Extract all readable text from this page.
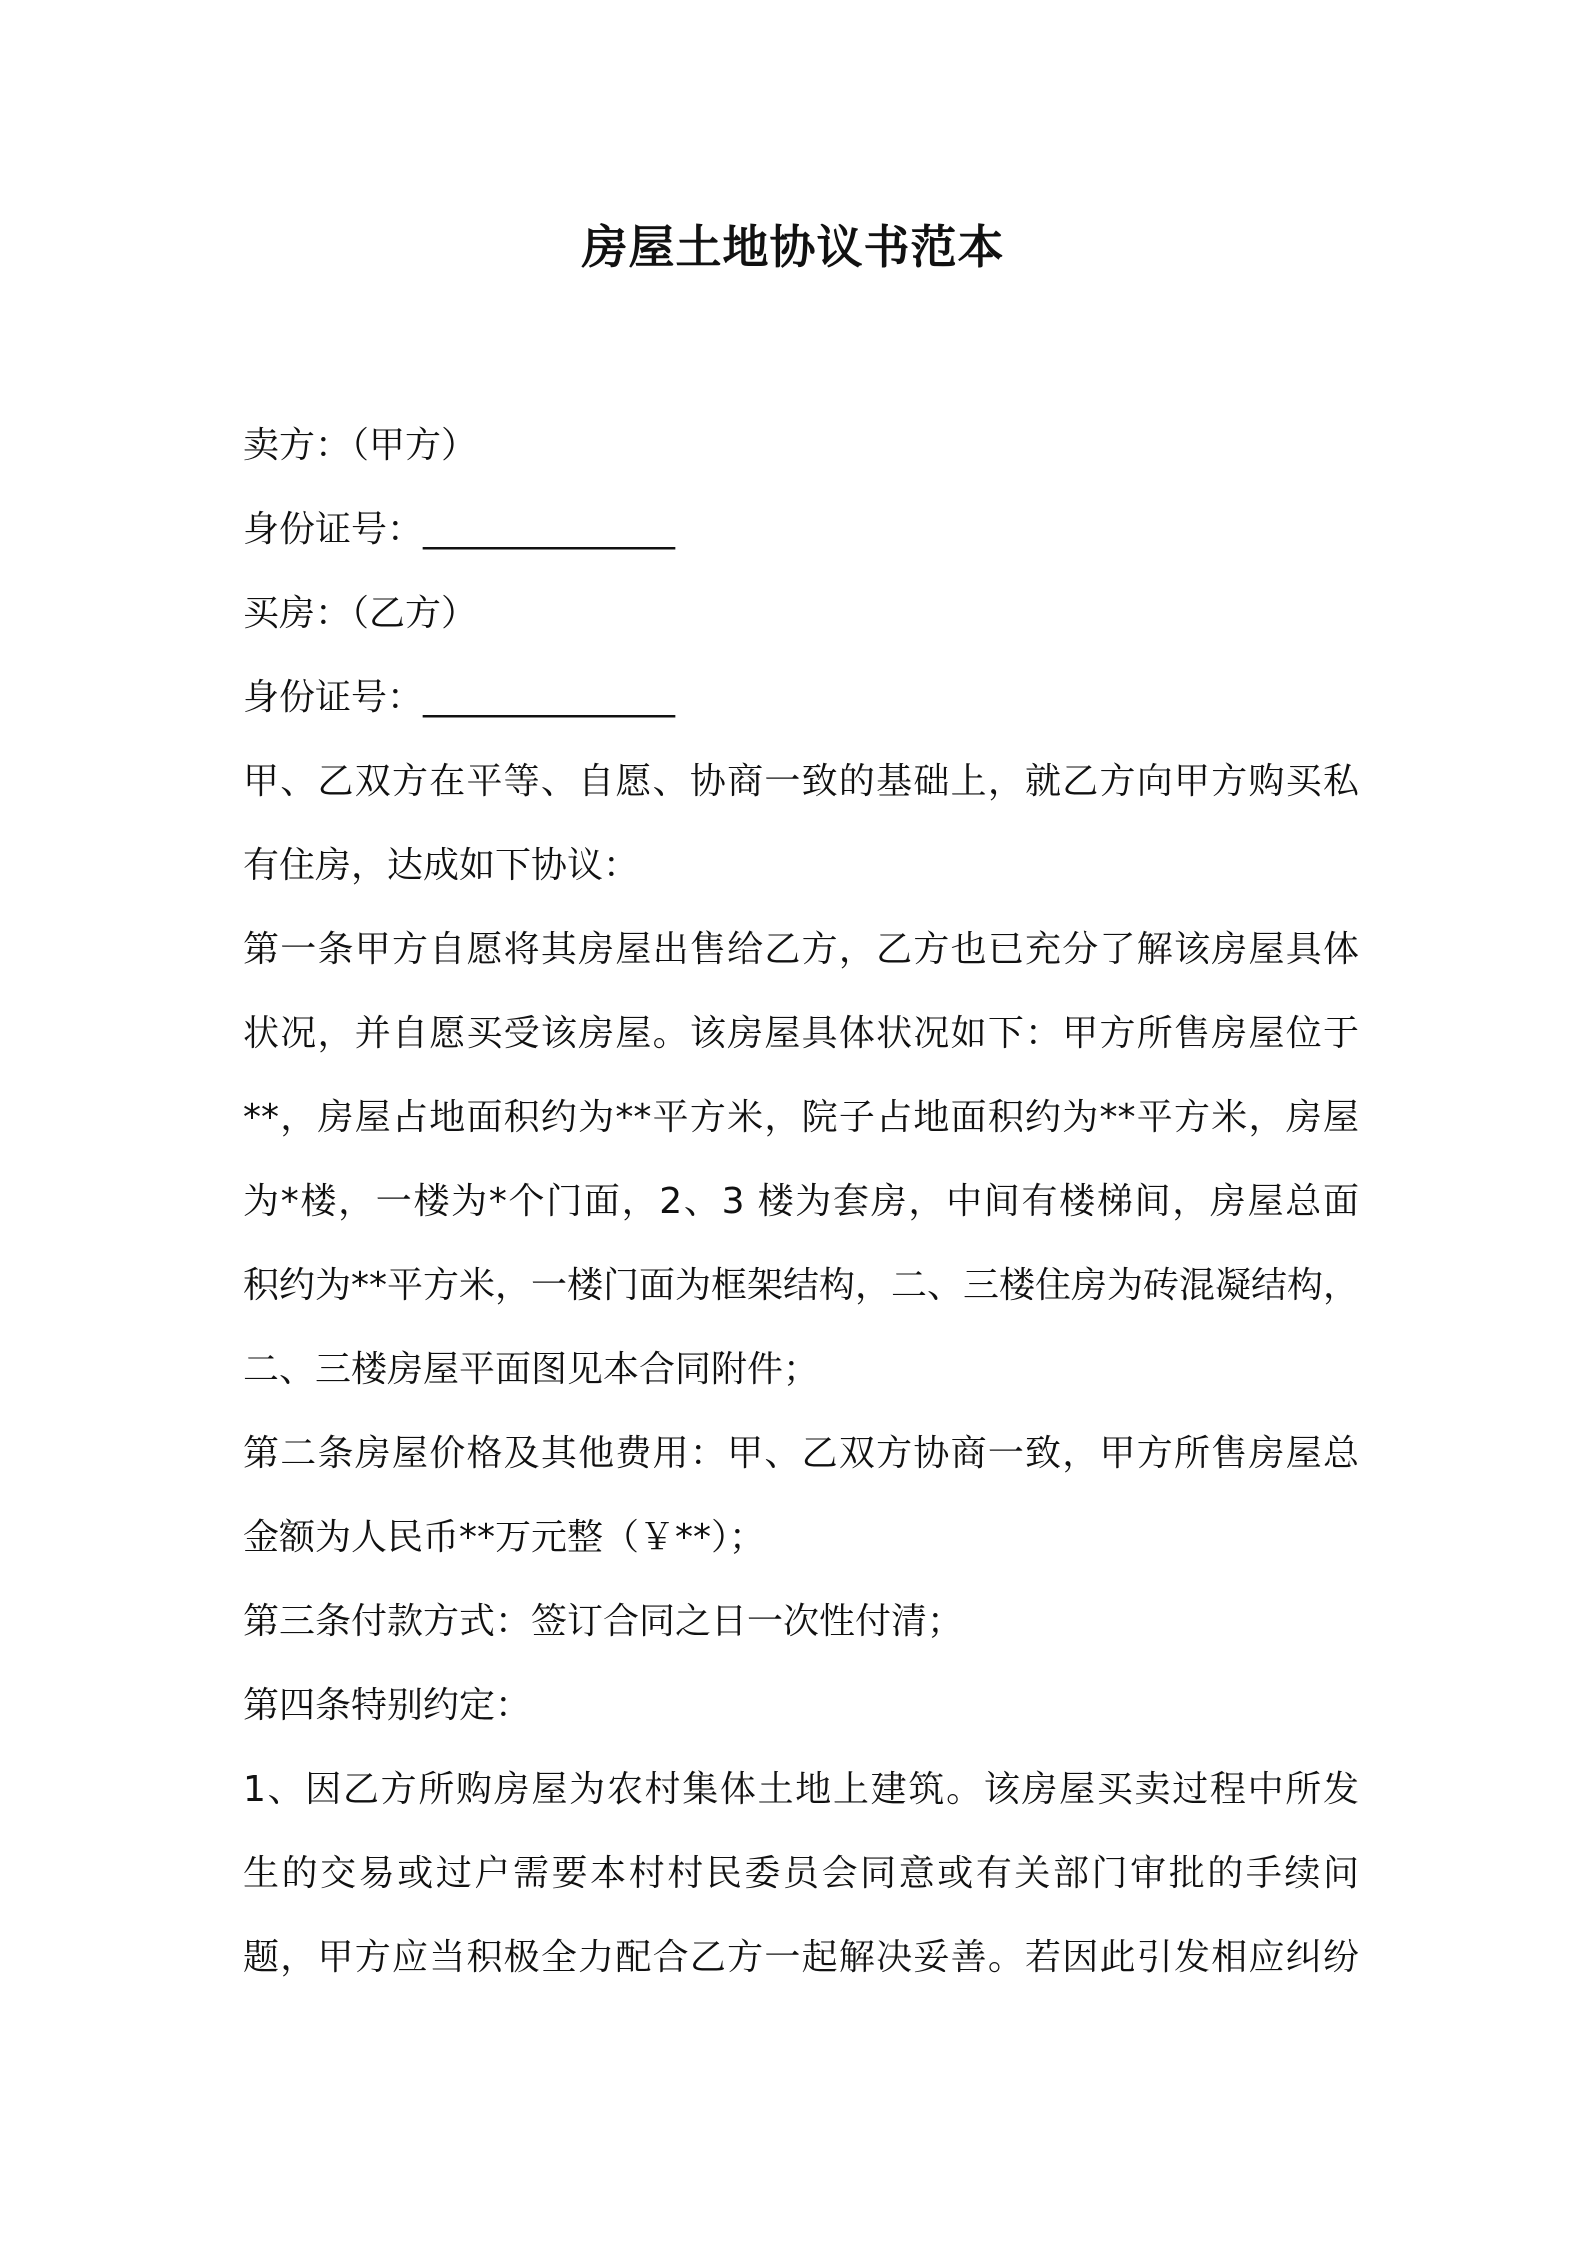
房屋土地协议书范本
卖方：（甲方）
身份证号：______________
买房：（乙方）
身份证号：______________
甲、乙双方在平等、自愿、协商一致的基础上，就乙方向甲方购买私
有住房，达成如下协议：
第一条甲方自愿将其房屋出售给乙方，乙方也已充分了解该房屋具体
状况，并自愿买受该房屋。该房屋具体状况如下：甲方所售房屋位于
**，房屋占地面积约为**平方米，院子占地面积约为**平方米，房屋
为*楼，一楼为*个门面，2、3 楼为套房，中间有楼梯间，房屋总面
积约为**平方米，一楼门面为框架结构，二、三楼住房为砖混凝结构，
二、三楼房屋平面图见本合同附件；
第二条房屋价格及其他费用：甲、乙双方协商一致，甲方所售房屋总
金额为人民币**万元整（￥**）；
第三条付款方式：签订合同之日一次性付清；
第四条特别约定：
1、因乙方所购房屋为农村集体土地上建筑。该房屋买卖过程中所发
生的交易或过户需要本村村民委员会同意或有关部门审批的手续问
题，甲方应当积极全力配合乙方一起解决妥善。若因此引发相应纠纷
